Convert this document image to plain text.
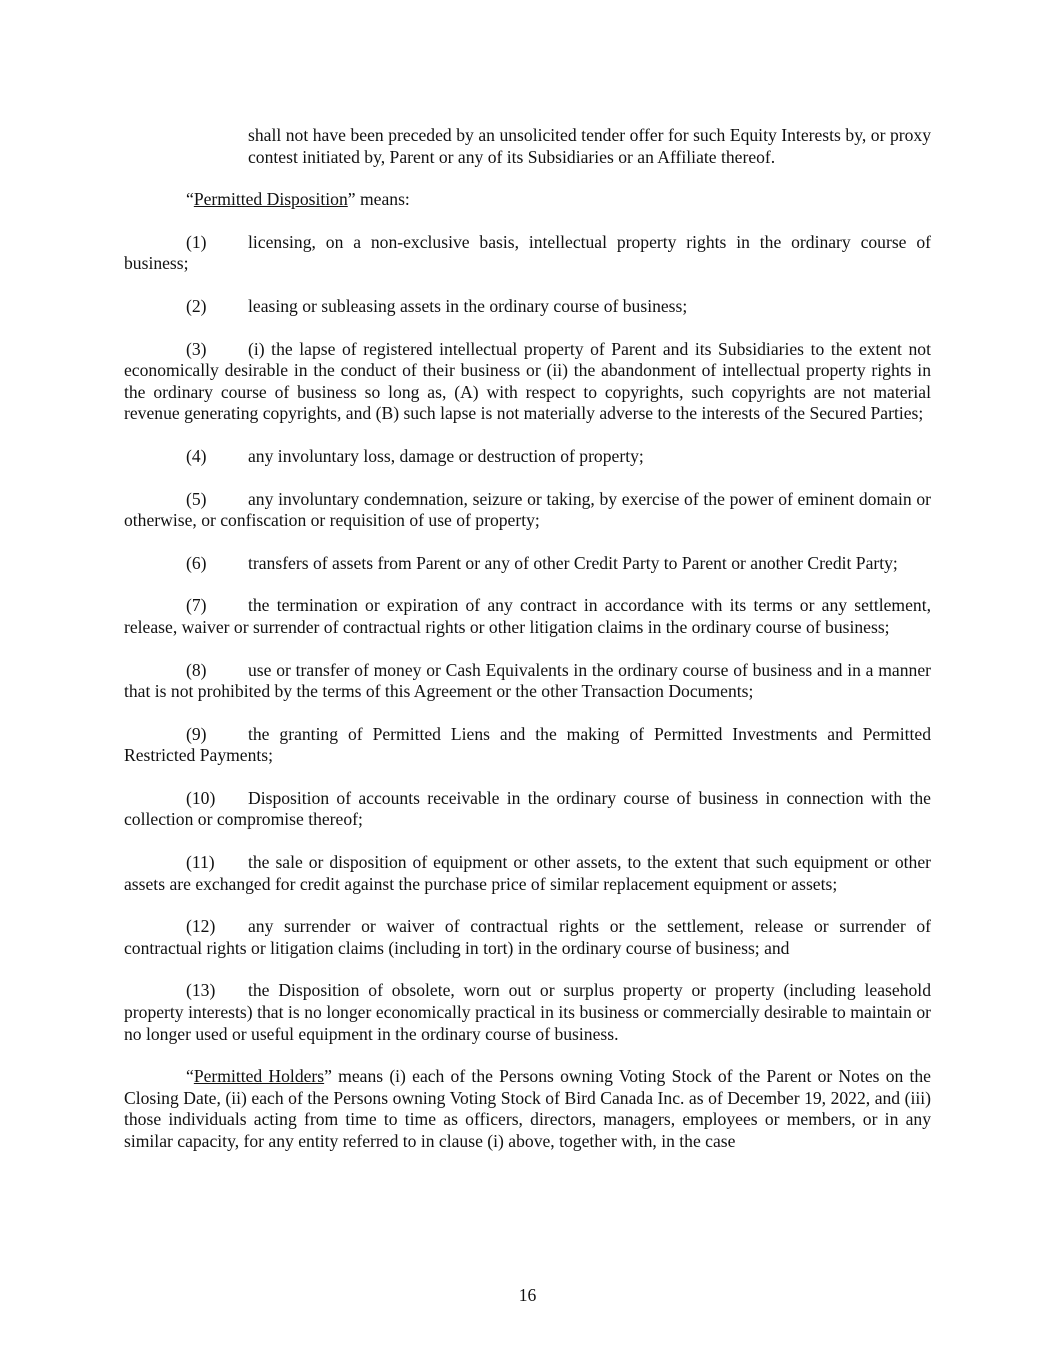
shall not have been preceded by an unsolicited tender offer for such Equity Interests by, or proxy contest initiated by, Parent or any of its Subsidiaries or an Affiliate thereof.

“Permitted Disposition” means:

(1) licensing, on a non-exclusive basis, intellectual property rights in the ordinary course of business;

(2) leasing or subleasing assets in the ordinary course of business;

(3) (i) the lapse of registered intellectual property of Parent and its Subsidiaries to the extent not economically desirable in the conduct of their business or (ii) the abandonment of intellectual property rights in the ordinary course of business so long as, (A) with respect to copyrights, such copyrights are not material revenue generating copyrights, and (B) such lapse is not materially adverse to the interests of the Secured Parties;

(4) any involuntary loss, damage or destruction of property;

(5) any involuntary condemnation, seizure or taking, by exercise of the power of eminent domain or otherwise, or confiscation or requisition of use of property;

(6) transfers of assets from Parent or any of other Credit Party to Parent or another Credit Party;

(7) the termination or expiration of any contract in accordance with its terms or any settlement, release, waiver or surrender of contractual rights or other litigation claims in the ordinary course of business;

(8) use or transfer of money or Cash Equivalents in the ordinary course of business and in a manner that is not prohibited by the terms of this Agreement or the other Transaction Documents;

(9) the granting of Permitted Liens and the making of Permitted Investments and Permitted Restricted Payments;

(10) Disposition of accounts receivable in the ordinary course of business in connection with the collection or compromise thereof;

(11) the sale or disposition of equipment or other assets, to the extent that such equipment or other assets are exchanged for credit against the purchase price of similar replacement equipment or assets;

(12) any surrender or waiver of contractual rights or the settlement, release or surrender of contractual rights or litigation claims (including in tort) in the ordinary course of business; and

(13) the Disposition of obsolete, worn out or surplus property or property (including leasehold property interests) that is no longer economically practical in its business or commercially desirable to maintain or no longer used or useful equipment in the ordinary course of business.

“Permitted Holders” means (i) each of the Persons owning Voting Stock of the Parent or Notes on the Closing Date, (ii) each of the Persons owning Voting Stock of Bird Canada Inc. as of December 19, 2022, and (iii) those individuals acting from time to time as officers, directors, managers, employees or members, or in any similar capacity, for any entity referred to in clause (i) above, together with, in the case

16
